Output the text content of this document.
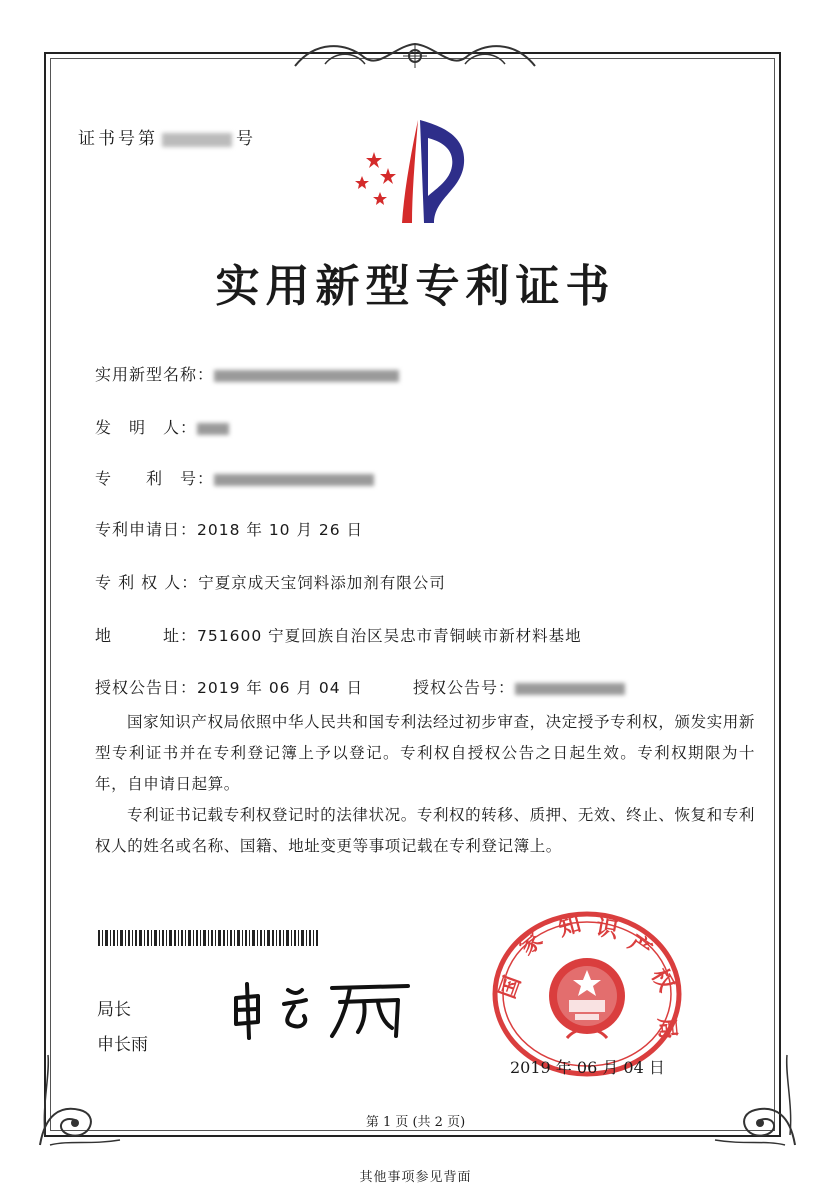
证书号第	号
实用新型专利证书
实用新型名称：
发　明　人：
专　　利　号：
专利申请日：2018 年 10 月 26 日
专 利 权 人：宁夏京成天宝饲料添加剂有限公司
地　　　址：751600 宁夏回族自治区吴忠市青铜峡市新材料基地
授权公告日：2019 年 06 月 04 日	授权公告号：
国家知识产权局依照中华人民共和国专利法经过初步审查，决定授予专利权，颁发实用新型专利证书并在专利登记簿上予以登记。专利权自授权公告之日起生效。专利权期限为十年，自申请日起算。
专利证书记载专利权登记时的法律状况。专利权的转移、质押、无效、终止、恢复和专利权人的姓名或名称、国籍、地址变更等事项记载在专利登记簿上。
局长
申长雨
国
家
知 识
产
权
局
2019 年 06 月 04 日
第 1 页 (共 2 页)
其他事项参见背面
